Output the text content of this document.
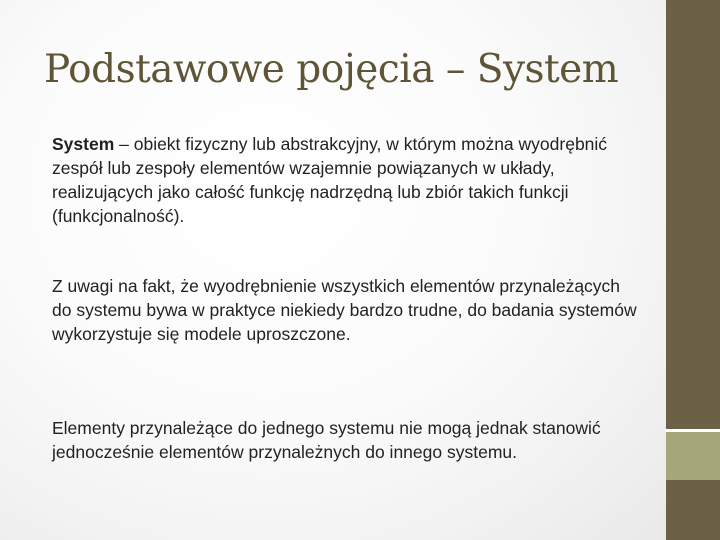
Podstawowe pojęcia – System

System – obiekt fizyczny lub abstrakcyjny, w którym można wyodrębnić zespół lub zespoły elementów wzajemnie powiązanych w układy, realizujących jako całość funkcję nadrzędną lub zbiór takich funkcji (funkcjonalność).

Z uwagi na fakt, że wyodrębnienie wszystkich elementów przynależących do systemu bywa w praktyce niekiedy bardzo trudne, do badania systemów wykorzystuje się modele uproszczone.

Elementy przynależące do jednego systemu nie mogą jednak stanowić jednocześnie elementów przynależnych do innego systemu.
